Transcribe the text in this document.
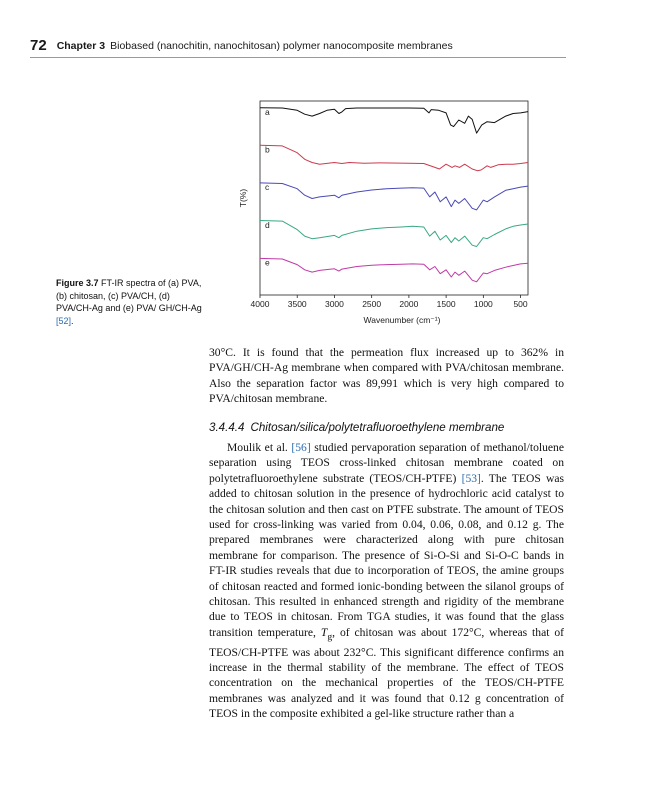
72 Chapter 3 Biobased (nanochitin, nanochitosan) polymer nanocomposite membranes
4000 3500 3000 2500 2000 1500 1000 500
Wavenumber (cm⁻¹)
T(%)
a
b
c
d
e
Figure 3.7 FT-IR spectra of (a) PVA, (b) chitosan, (c) PVA/CH, (d) PVA/CH-Ag and (e) PVA/ GH/CH-Ag [52].

30°C. It is found that the permeation flux increased up to 362% in PVA/GH/CH-Ag membrane when compared with PVA/chitosan membrane. Also the separation factor was 89,991 which is very high compared to PVA/chitosan membrane.

3.4.4.4 Chitosan/silica/polytetrafluoroethylene membrane

Moulik et al. [56] studied pervaporation separation of methanol/toluene separation using TEOS cross-linked chitosan membrane coated on polytetrafluoroethylene substrate (TEOS/CH-PTFE) [53]. The TEOS was added to chitosan solution in the presence of hydrochloric acid catalyst to the chitosan solution and then cast on PTFE substrate. The amount of TEOS used for cross-linking was varied from 0.04, 0.06, 0.08, and 0.12 g. The prepared membranes were characterized along with pure chitosan membrane for comparison. The presence of Si-O-Si and Si-O-C bands in FT-IR studies reveals that due to incorporation of TEOS, the amine groups of chitosan reacted and formed ionic-bonding between the silanol groups of chitosan. This resulted in enhanced strength and rigidity of the membrane due to TEOS in chitosan. From TGA studies, it was found that the glass transition temperature, $T_g$, of chitosan was about 172°C, whereas that of TEOS/CH-PTFE was about 232°C. This significant difference confirms an increase in the thermal stability of the membrane. The effect of TEOS concentration on the mechanical properties of the TEOS/CH-PTFE membranes was analyzed and it was found that 0.12 g concentration of TEOS in the composite exhibited a gel-like structure rather than a
